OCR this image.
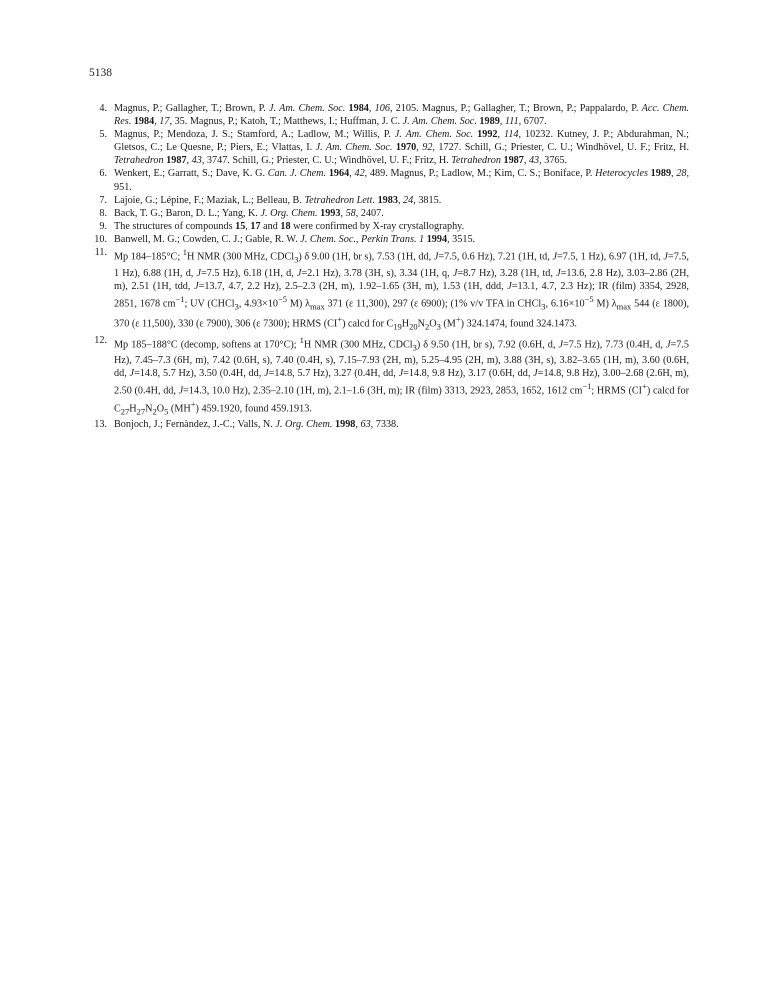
5138
4. Magnus, P.; Gallagher, T.; Brown, P. J. Am. Chem. Soc. 1984, 106, 2105. Magnus, P.; Gallagher, T.; Brown, P.; Pappalardo, P. Acc. Chem. Res. 1984, 17, 35. Magnus, P.; Katoh, T.; Matthews, I.; Huffman, J. C. J. Am. Chem. Soc. 1989, 111, 6707.
5. Magnus, P.; Mendoza, J. S.; Stamford, A.; Ladlow, M.; Willis, P. J. Am. Chem. Soc. 1992, 114, 10232. Kutney, J. P.; Abdurahman, N.; Gletsos, C.; Le Quesne, P.; Piers, E.; Vlattas, I. J. Am. Chem. Soc. 1970, 92, 1727. Schill, G.; Priester, C. U.; Windhövel, U. F.; Fritz, H. Tetrahedron 1987, 43, 3747. Schill, G.; Priester, C. U.; Windhövel, U. F.; Fritz, H. Tetrahedron 1987, 43, 3765.
6. Wenkert, E.; Garratt, S.; Dave, K. G. Can. J. Chem. 1964, 42, 489. Magnus, P.; Ladlow, M.; Kim, C. S.; Boniface, P. Heterocycles 1989, 28, 951.
7. Lajoie, G.; Lépine, F.; Maziak, L.; Belleau, B. Tetrahedron Lett. 1983, 24, 3815.
8. Back, T. G.; Baron, D. L.; Yang, K. J. Org. Chem. 1993, 58, 2407.
9. The structures of compounds 15, 17 and 18 were confirmed by X-ray crystallography.
10. Banwell, M. G.; Cowden, C. J.; Gable, R. W. J. Chem. Soc., Perkin Trans. 1 1994, 3515.
11. Mp 184–185°C; $^1$H NMR (300 MHz, CDCl$_3$) δ 9.00 (1H, br s), 7.53 (1H, dd, J=7.5, 0.6 Hz), 7.21 (1H, td, J=7.5, 1 Hz), 6.97 (1H, td, J=7.5, 1 Hz), 6.88 (1H, d, J=7.5 Hz), 6.18 (1H, d, J=2.1 Hz), 3.78 (3H, s), 3.34 (1H, q, J=8.7 Hz), 3.28 (1H, td, J=13.6, 2.8 Hz), 3.03–2.86 (2H, m), 2.51 (1H, tdd, J=13.7, 4.7, 2.2 Hz), 2.5–2.3 (2H, m), 1.92–1.65 (3H, m), 1.53 (1H, ddd, J=13.1, 4.7, 2.3 Hz); IR (film) 3354, 2928, 2851, 1678 $cm^{-1}$; UV (CHCl$_3$, $4.93\times 10^{-5}$ M) $\lambda_{max}$ 371 (ε 11,300), 297 (ε 6900); (1% v/v TFA in CHCl$_3$, $6.16\times 10^{-5}$ M) $\lambda_{max}$ 544 (ε 1800), 370 (ε 11,500), 330 (ε 7900), 306 (ε 7300); HRMS (CI+) calcd for $C_{19}H_{20}N_2O_3$ (M+) 324.1474, found 324.1473.
12. Mp 185–188°C (decomp, softens at 170°C); $^1$H NMR (300 MHz, CDCl$_3$) δ 9.50 (1H, br s), 7.92 (0.6H, d, J=7.5 Hz), 7.73 (0.4H, d, J=7.5 Hz), 7.45–7.3 (6H, m), 7.42 (0.6H, s), 7.40 (0.4H, s), 7.15–7.93 (2H, m), 5.25–4.95 (2H, m), 3.88 (3H, s), 3.82–3.65 (1H, m), 3.60 (0.6H, dd, J=14.8, 5.7 Hz), 3.50 (0.4H, dd, J=14.8, 5.7 Hz), 3.27 (0.4H, dd, J=14.8, 9.8 Hz), 3.17 (0.6H, dd, J=14.8, 9.8 Hz), 3.00–2.68 (2.6H, m), 2.50 (0.4H, dd, J=14.3, 10.0 Hz), 2.35–2.10 (1H, m), 2.1–1.6 (3H, m); IR (film) 3313, 2923, 2853, 1652, 1612 $cm^{-1}$; HRMS (CI+) calcd for $C_{27}H_{27}N_2O_5$ (MH+) 459.1920, found 459.1913.
13. Bonjoch, J.; Fernàndez, J.-C.; Valls, N. J. Org. Chem. 1998, 63, 7338.
